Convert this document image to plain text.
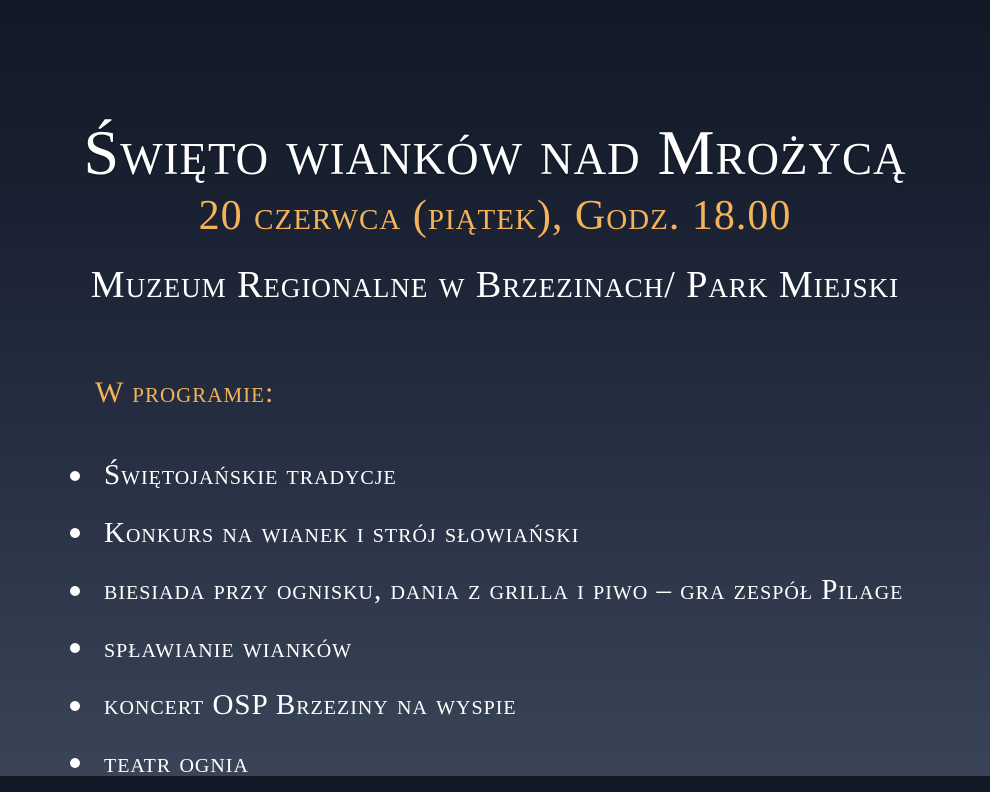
Święto wianków nad Mrożycą
20 czerwca (piątek), Godz. 18.00
Muzeum Regionalne w Brzezinach/ Park Miejski
W programie:
Świętojańskie tradycje
Konkurs na wianek i strój słowiański
biesiada przy ognisku, dania z grilla i piwo – gra zespół Pilage
spławianie wianków
koncert OSP Brzeziny na wyspie
teatr ognia
